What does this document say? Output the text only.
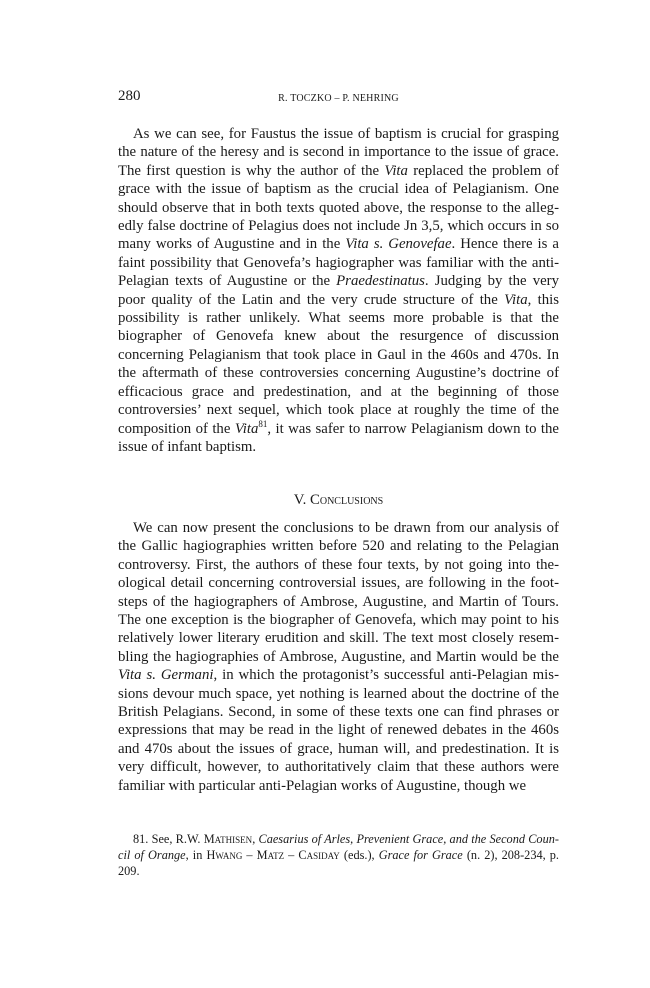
280	R. TOCZKO – P. NEHRING

As we can see, for Faustus the issue of baptism is crucial for grasping the nature of the heresy and is second in importance to the issue of grace. The first question is why the author of the Vita replaced the problem of grace with the issue of baptism as the crucial idea of Pelagianism. One should observe that in both texts quoted above, the response to the allegedly false doctrine of Pelagius does not include Jn 3,5, which occurs in so many works of Augustine and in the Vita s. Genovefae. Hence there is a faint possibility that Genovefa’s hagiographer was familiar with the anti-Pelagian texts of Augustine or the Praedestinatus. Judging by the very poor quality of the Latin and the very crude structure of the Vita, this possibility is rather unlikely. What seems more probable is that the biographer of Genovefa knew about the resurgence of discussion concerning Pelagianism that took place in Gaul in the 460s and 470s. In the aftermath of these controversies concerning Augustine’s doctrine of efficacious grace and predestination, and at the beginning of those controversies’ next sequel, which took place at roughly the time of the composition of the Vita$^{81}$, it was safer to narrow Pelagianism down to the issue of infant baptism.

V. Conclusions

We can now present the conclusions to be drawn from our analysis of the Gallic hagiographies written before 520 and relating to the Pelagian controversy. First, the authors of these four texts, by not going into theological detail concerning controversial issues, are following in the footsteps of the hagiographers of Ambrose, Augustine, and Martin of Tours. The one exception is the biographer of Genovefa, which may point to his relatively lower literary erudition and skill. The text most closely resembling the hagiographies of Ambrose, Augustine, and Martin would be the Vita s. Germani, in which the protagonist’s successful anti-Pelagian missions devour much space, yet nothing is learned about the doctrine of the British Pelagians. Second, in some of these texts one can find phrases or expressions that may be read in the light of renewed debates in the 460s and 470s about the issues of grace, human will, and predestination. It is very difficult, however, to authoritatively claim that these authors were familiar with particular anti-Pelagian works of Augustine, though we

81. See, R.W. Mathisen, Caesarius of Arles, Prevenient Grace, and the Second Council of Orange, in Hwang – Matz – Casiday (eds.), Grace for Grace (n. 2), 208-234, p. 209.
